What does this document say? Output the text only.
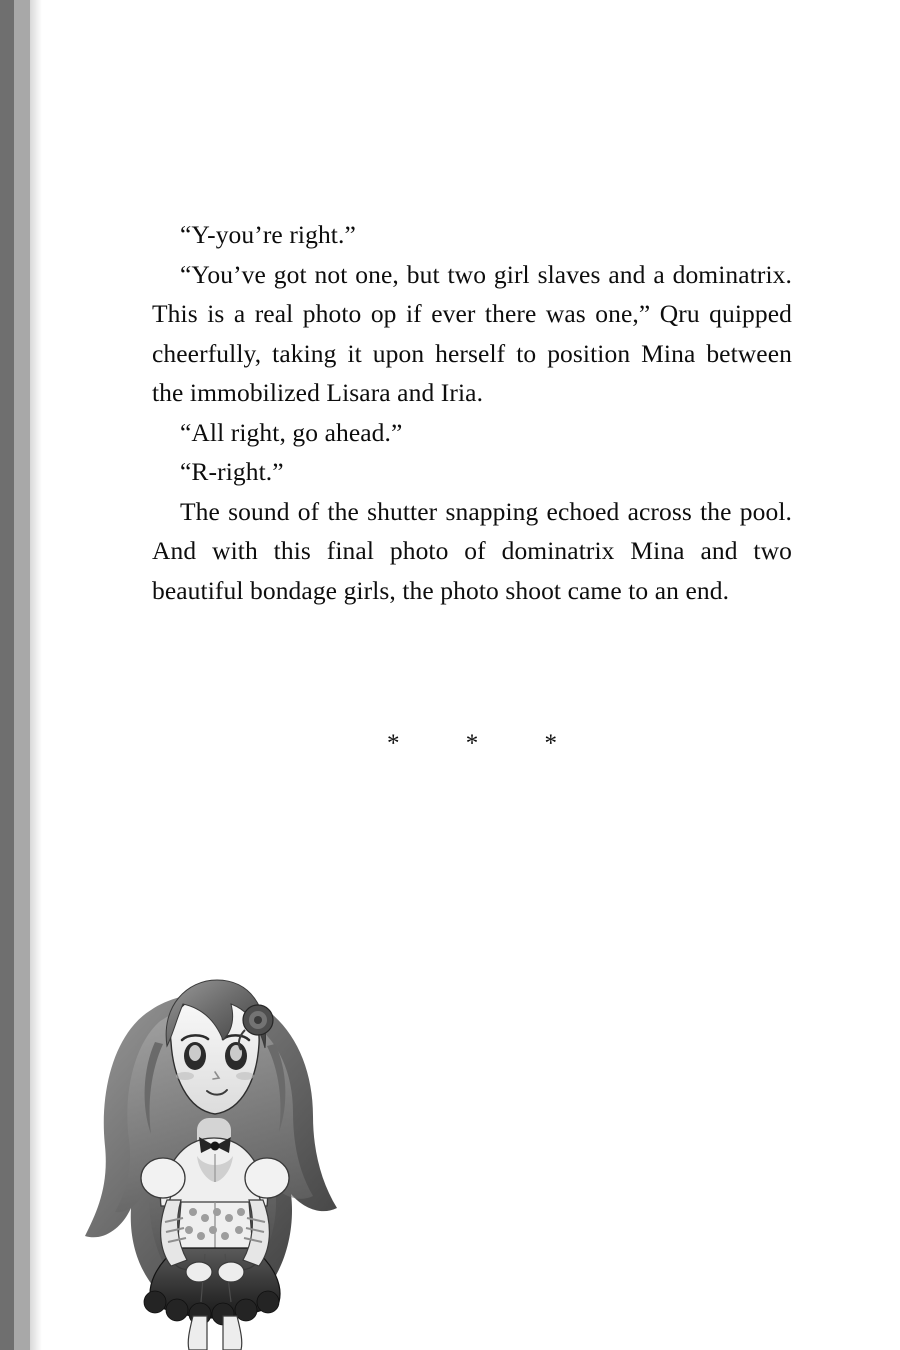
“Y-you’re right.”

“You’ve got not one, but two girl slaves and a dominatrix. This is a real photo op if ever there was one,” Qru quipped cheerfully, taking it upon herself to position Mina between the immobilized Lisara and Iria.

“All right, go ahead.”

“R-right.”

The sound of the shutter snapping echoed across the pool. And with this final photo of dominatrix Mina and two beautiful bondage girls, the photo shoot came to an end.

* * *
